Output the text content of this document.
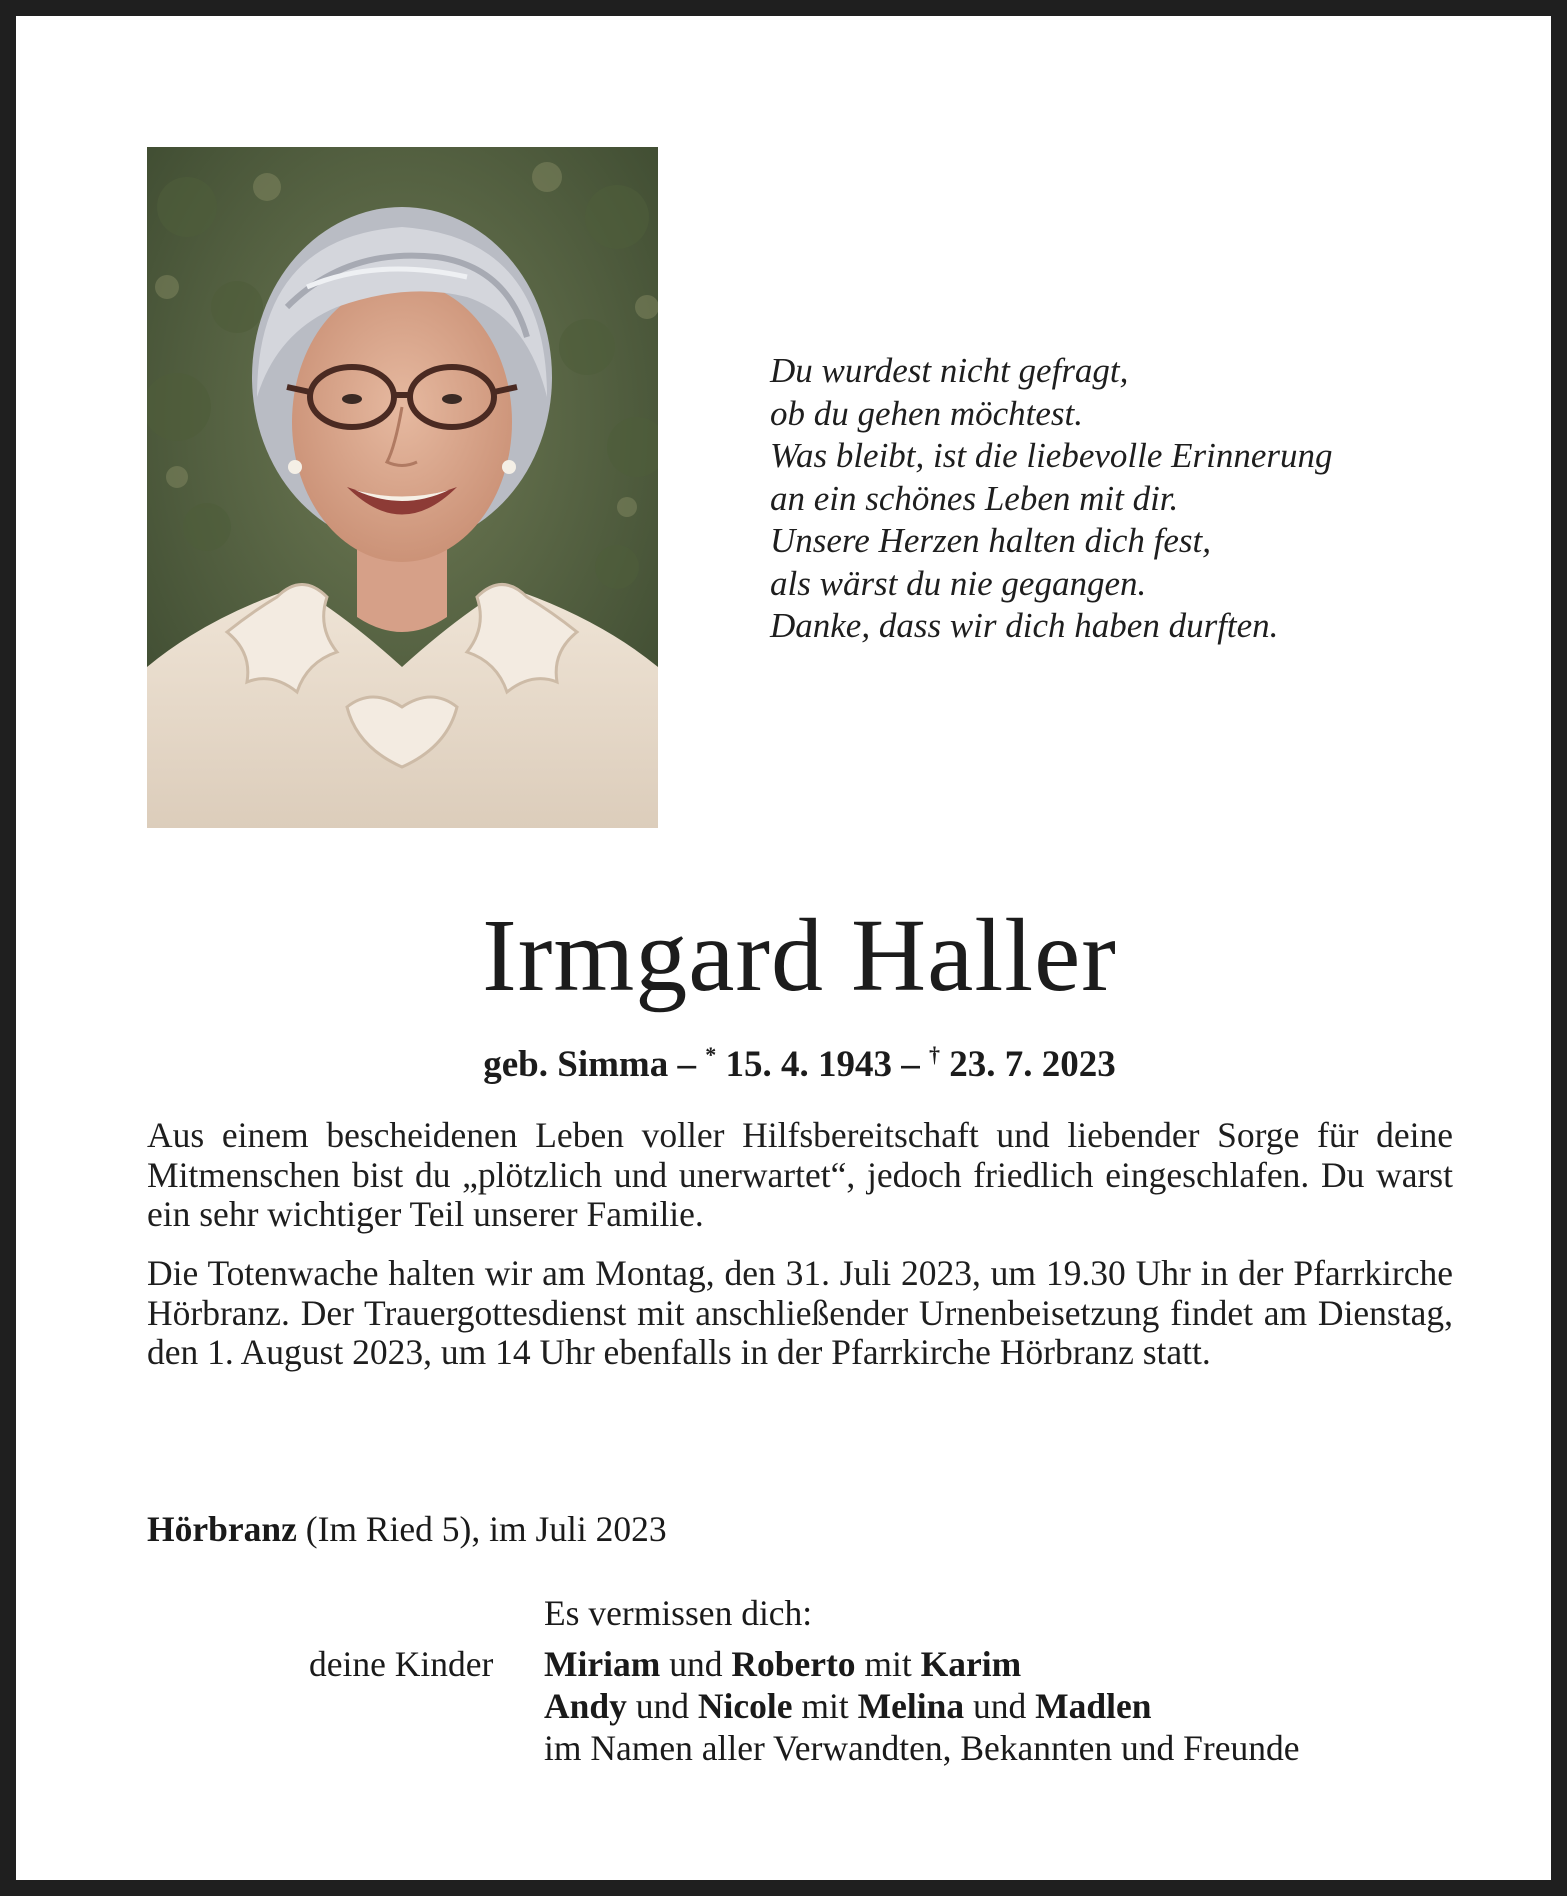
Du wurdest nicht gefragt,
ob du gehen möchtest.
Was bleibt, ist die liebevolle Erinnerung
an ein schönes Leben mit dir.
Unsere Herzen halten dich fest,
als wärst du nie gegangen.
Danke, dass wir dich haben durften.
Irmgard Haller
geb. Simma – * 15. 4. 1943 – † 23. 7. 2023
Aus einem bescheidenen Leben voller Hilfsbereitschaft und liebender Sorge für deine Mitmenschen bist du „plötzlich und unerwartet“, jedoch friedlich eingeschlafen. Du warst ein sehr wichtiger Teil unserer Familie.
Die Totenwache halten wir am Montag, den 31. Juli 2023, um 19.30 Uhr in der Pfarrkirche Hörbranz. Der Trauergottesdienst mit anschließender Urnenbeisetzung findet am Dienstag, den 1. August 2023, um 14 Uhr ebenfalls in der Pfarrkirche Hörbranz statt.
Hörbranz (Im Ried 5), im Juli 2023
Es vermissen dich:
deine Kinder Miriam und Roberto mit Karim
Andy und Nicole mit Melina und Madlen
im Namen aller Verwandten, Bekannten und Freunde
